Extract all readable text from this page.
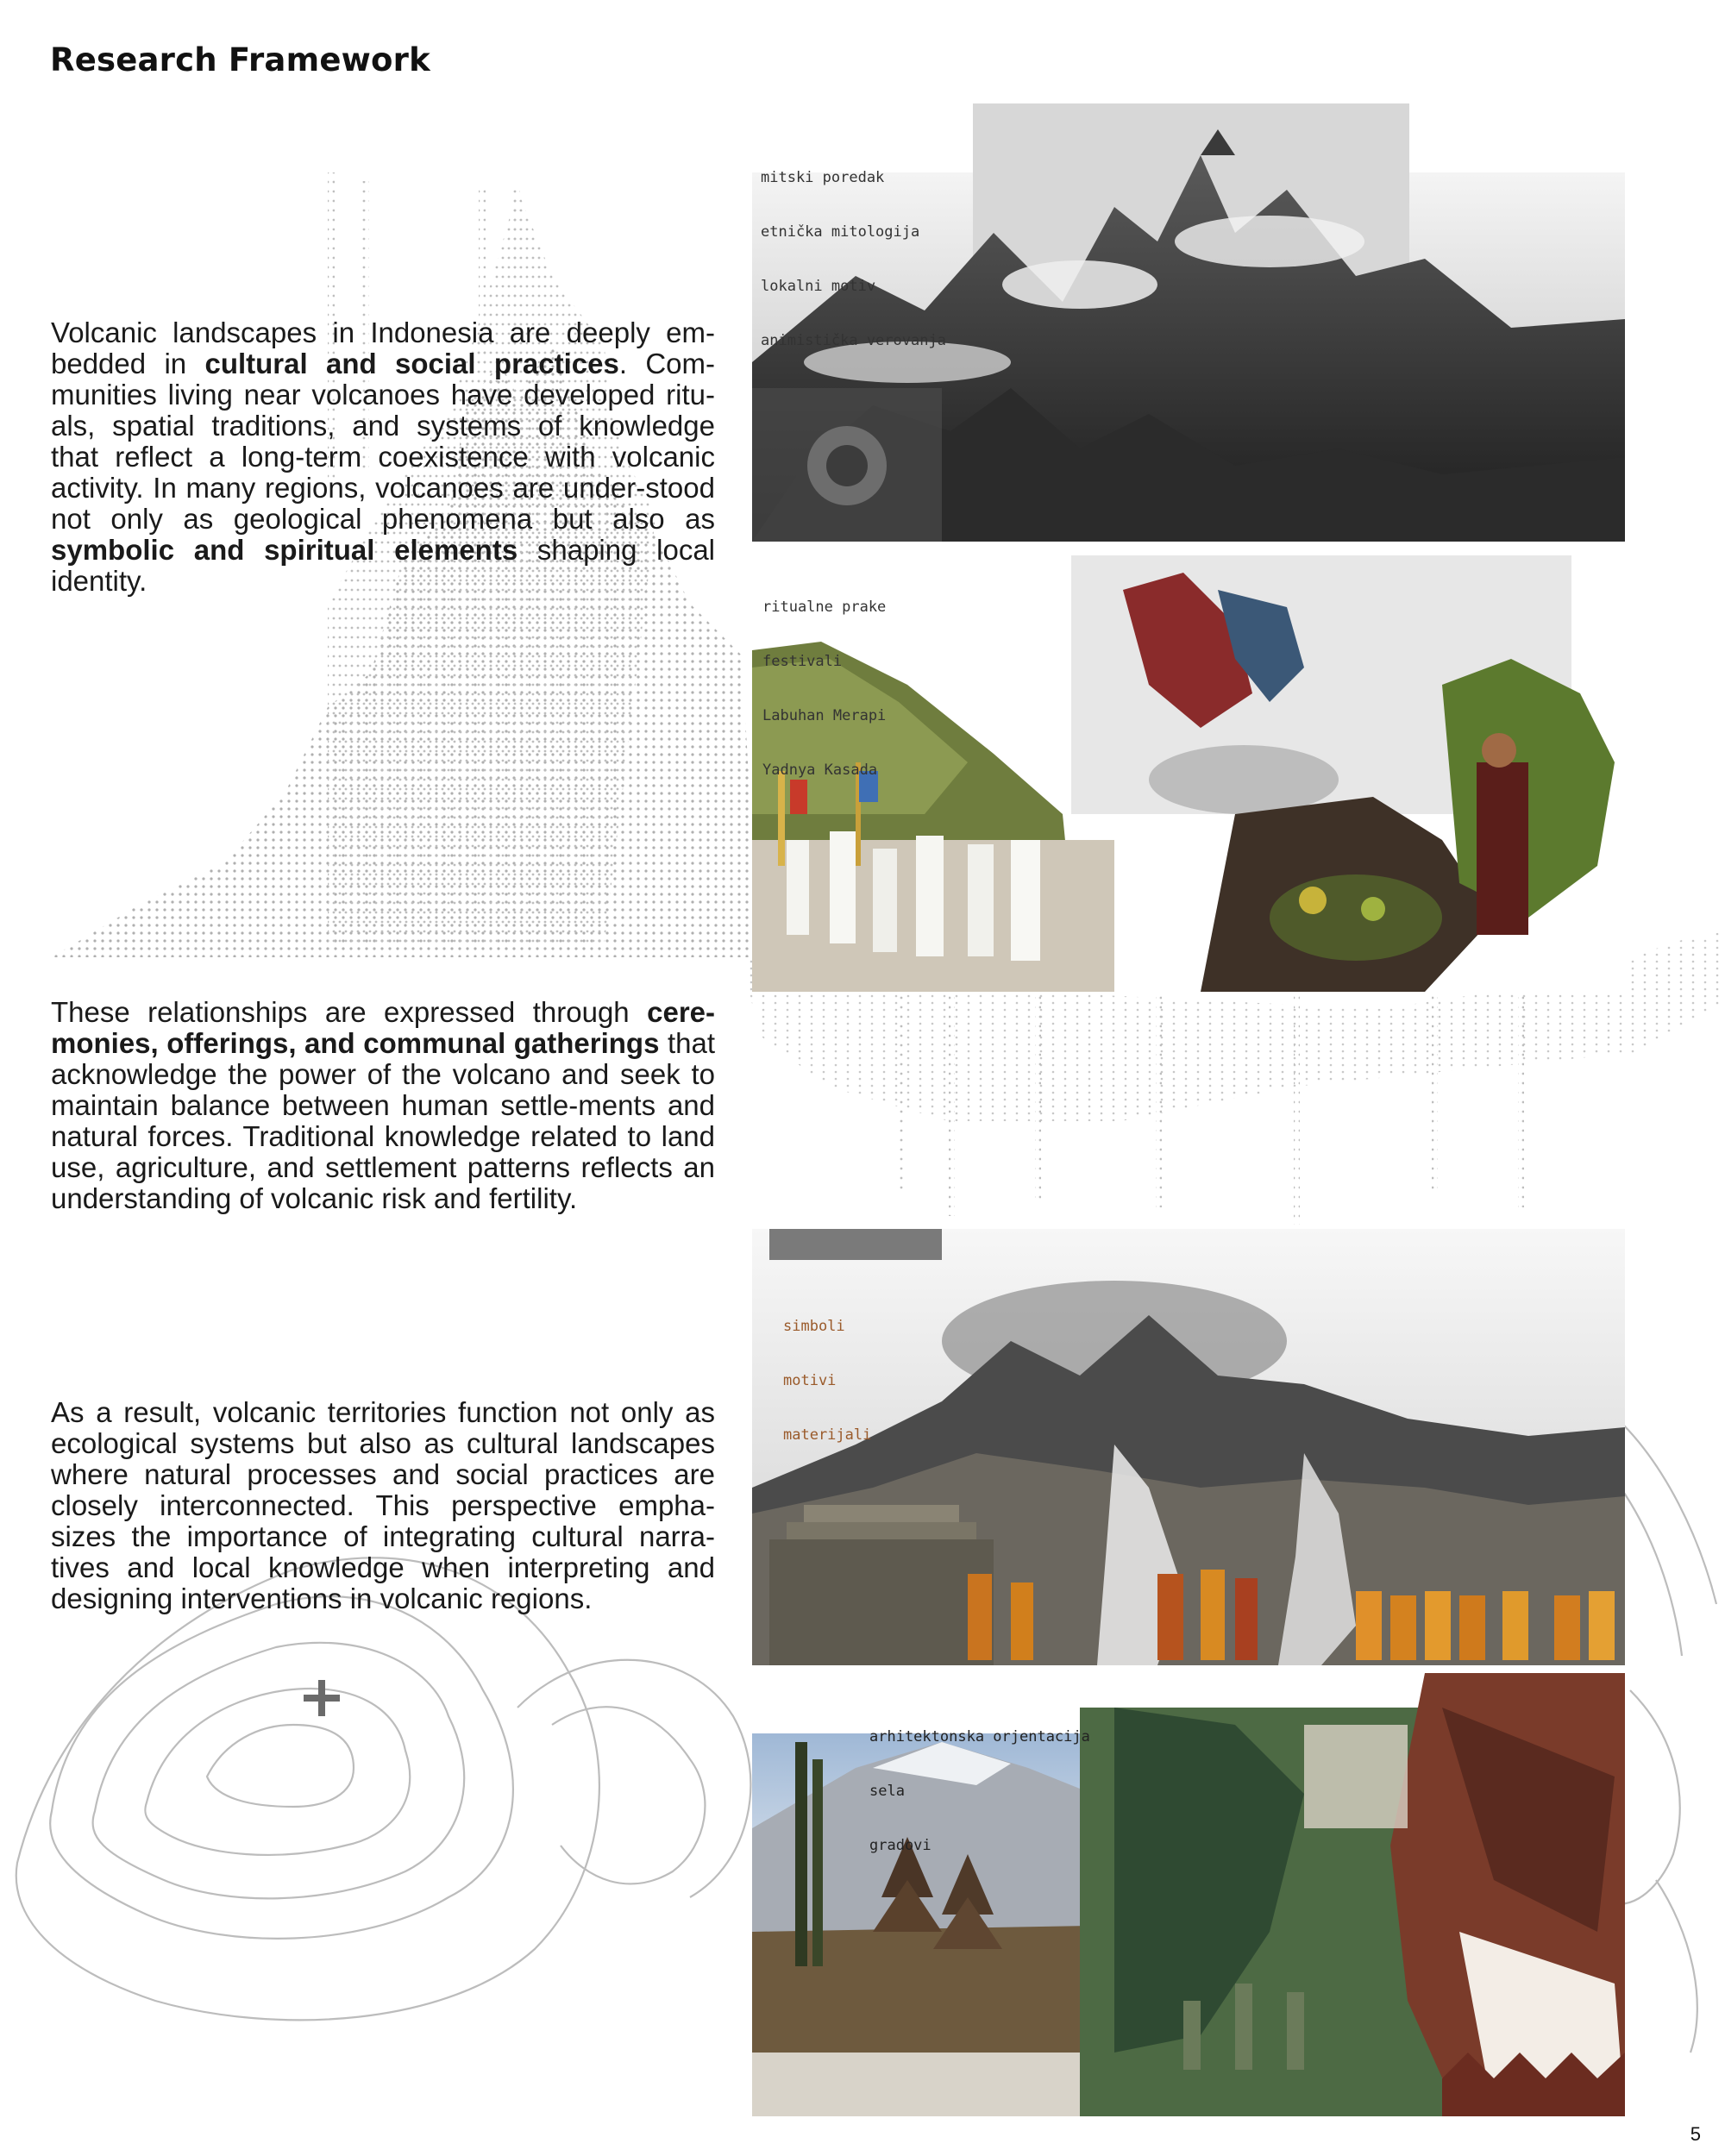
Research Framework

Volcanic landscapes in Indonesia are deeply em-bedded in cultural and social practices. Com-munities living near volcanoes have developed ritu-als, spatial traditions, and systems of knowledge that reflect a long-term coexistence with volcanic activity. In many regions, volcanoes are under-stood not only as geological phenomena but also as symbolic and spiritual elements shaping local identity.

These relationships are expressed through cere-monies, offerings, and communal gatherings that acknowledge the power of the volcano and seek to maintain balance between human settle-ments and natural forces. Traditional knowledge related to land use, agriculture, and settlement patterns reflects an understanding of volcanic risk and fertility.

As a result, volcanic territories function not only as ecological systems but also as cultural landscapes where natural processes and social practices are closely interconnected. This perspective empha-sizes the importance of integrating cultural narra-tives and local knowledge when interpreting and designing interventions in volcanic regions.

mitski poredak

etnička mitologija

lokalni motiv

animistička verovanja

ritualne prake

festivali

Labuhan Merapi

Yadnya Kasada

simboli

motivi

materijali

arhitektonska orjentacija

sela

gradovi

5
